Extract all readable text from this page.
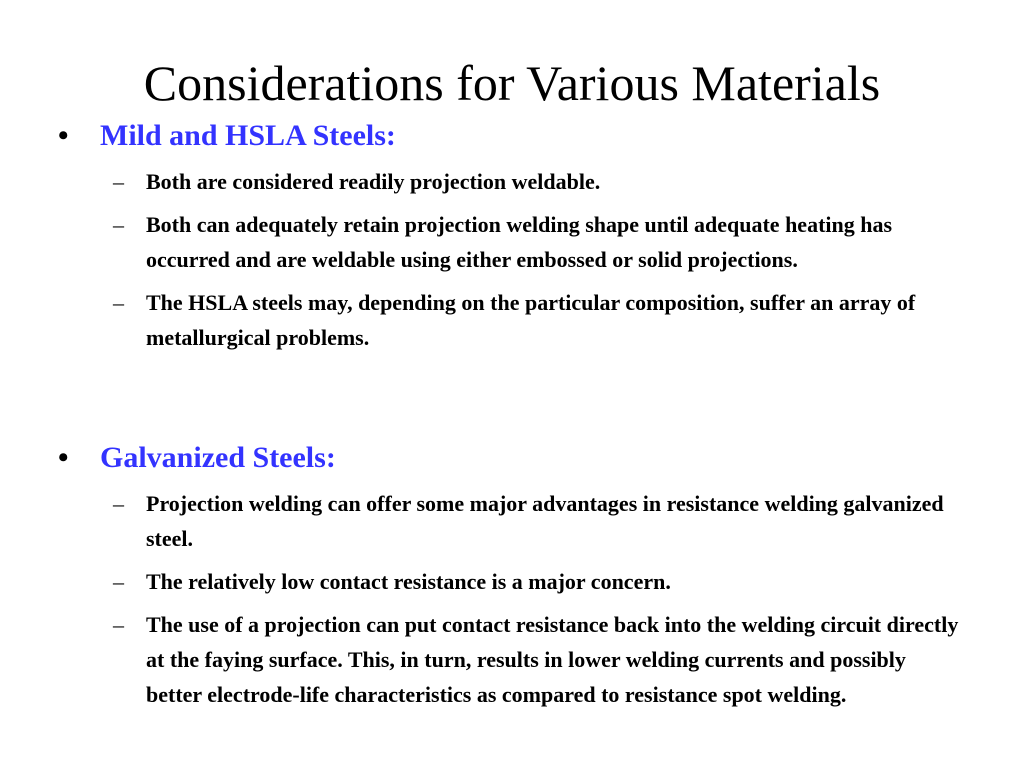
Considerations for Various Materials
• Mild and HSLA Steels:
– Both are considered readily projection weldable.
– Both can adequately retain projection welding shape until adequate heating has occurred and are weldable using either embossed or solid projections.
– The HSLA steels may, depending on the particular composition, suffer an array of metallurgical problems.
• Galvanized Steels:
– Projection welding can offer some major advantages in resistance welding galvanized steel.
– The relatively low contact resistance is a major concern.
– The use of a projection can put contact resistance back into the welding circuit directly at the faying surface. This, in turn, results in lower welding currents and possibly better electrode-life characteristics as compared to resistance spot welding.
